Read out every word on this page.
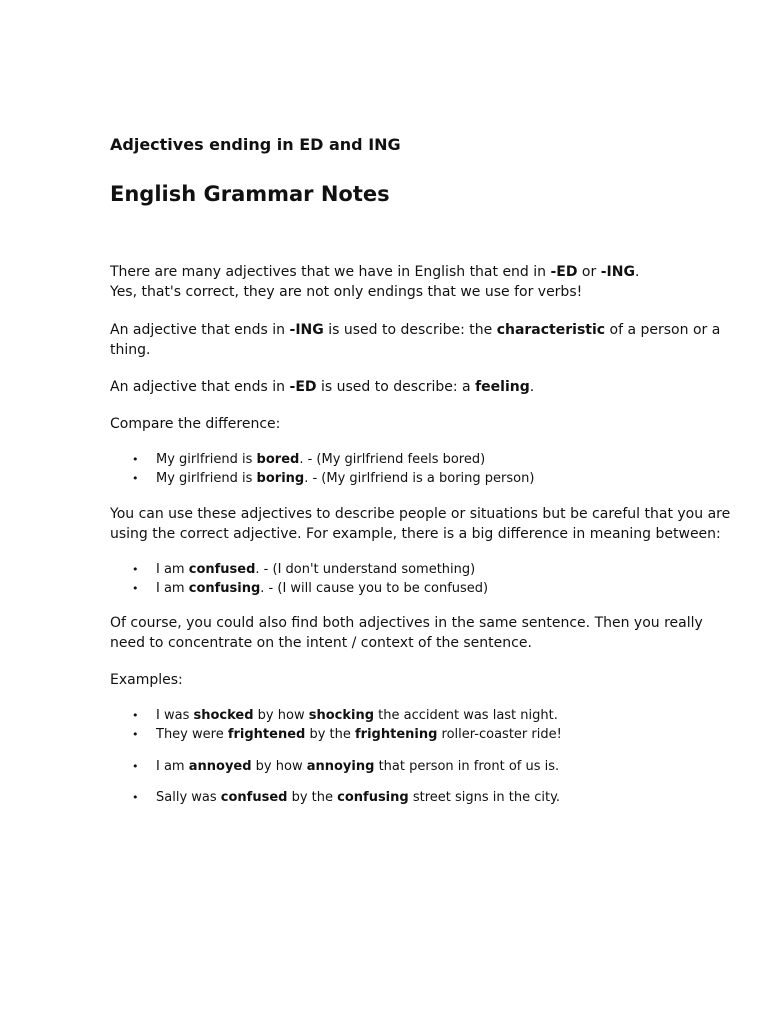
Adjectives ending in ED and ING
English Grammar Notes

There are many adjectives that we have in English that end in -ED or -ING.
Yes, that's correct, they are not only endings that we use for verbs!

An adjective that ends in -ING is used to describe: the characteristic of a person or a thing.

An adjective that ends in -ED is used to describe: a feeling.

Compare the difference:

• My girlfriend is bored. - (My girlfriend feels bored)
• My girlfriend is boring. - (My girlfriend is a boring person)

You can use these adjectives to describe people or situations but be careful that you are using the correct adjective. For example, there is a big difference in meaning between:

• I am confused. - (I don't understand something)
• I am confusing. - (I will cause you to be confused)

Of course, you could also find both adjectives in the same sentence. Then you really need to concentrate on the intent / context of the sentence.

Examples:

• I was shocked by how shocking the accident was last night.
• They were frightened by the frightening roller-coaster ride!
• I am annoyed by how annoying that person in front of us is.
• Sally was confused by the confusing street signs in the city.
